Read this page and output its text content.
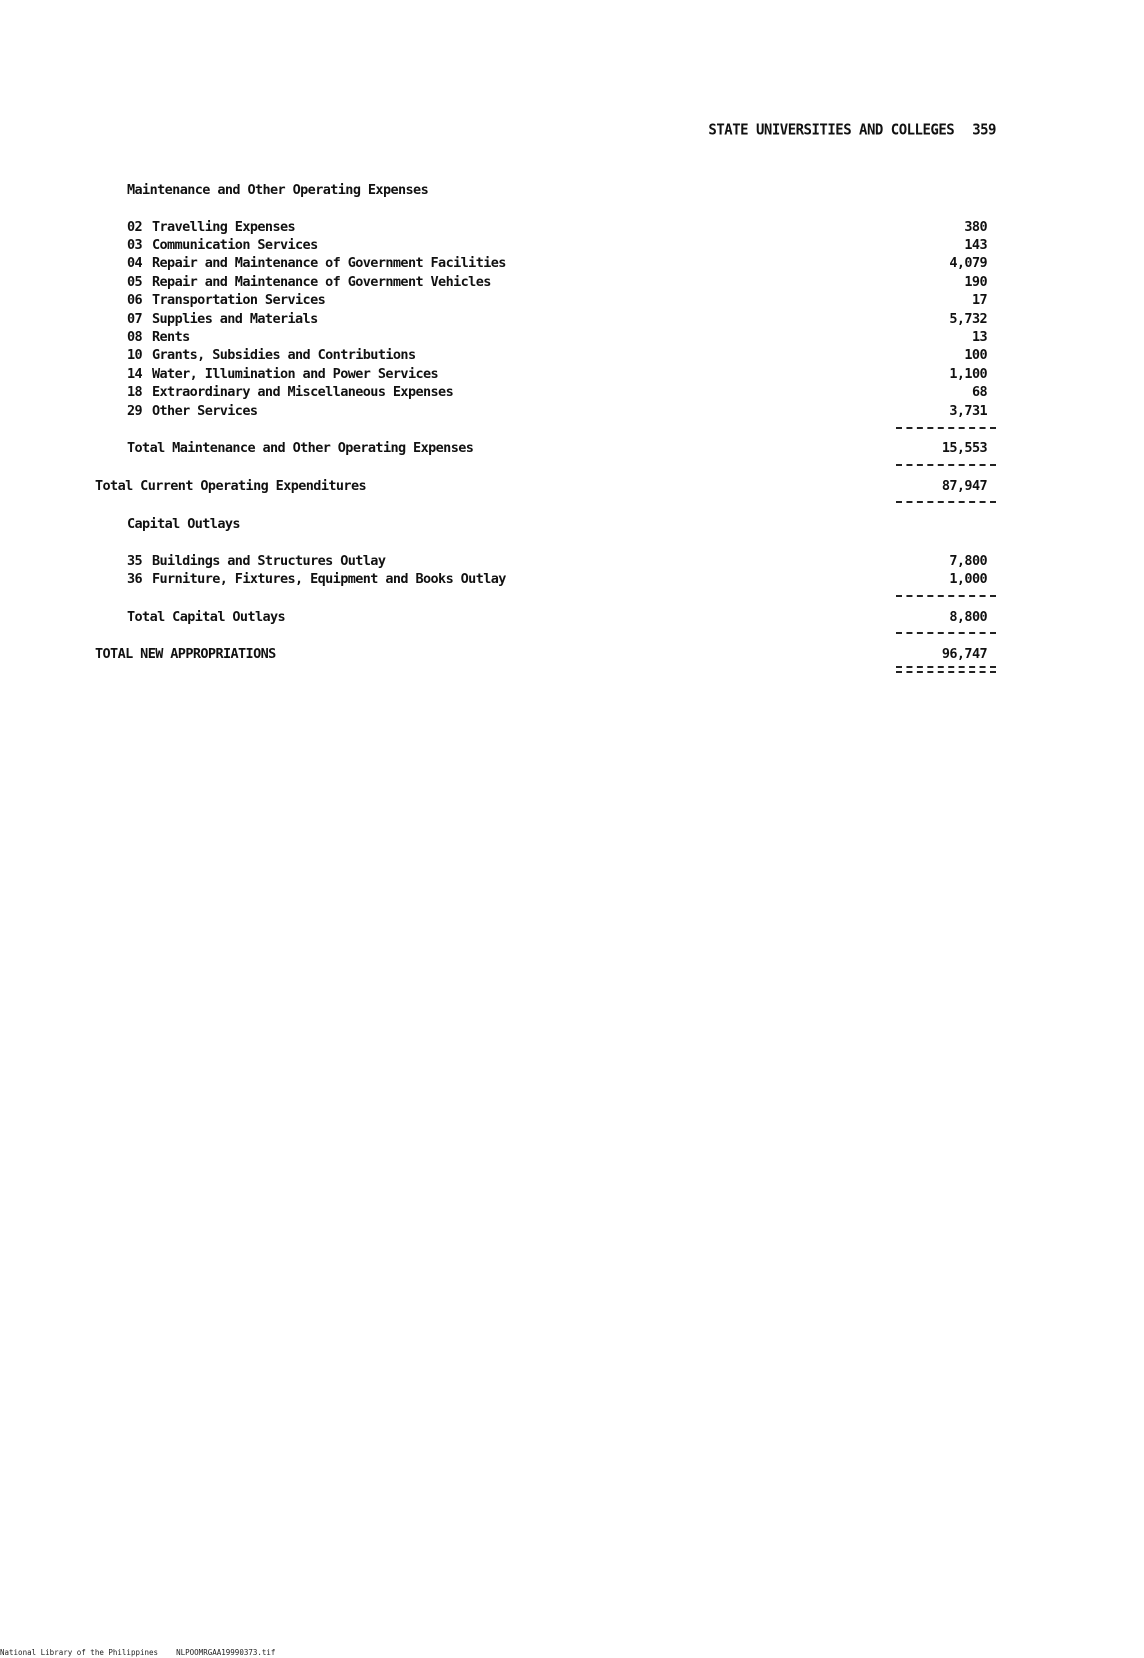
STATE UNIVERSITIES AND COLLEGES 359
Maintenance and Other Operating Expenses
02 Travelling Expenses	380
03 Communication Services	143
04 Repair and Maintenance of Government Facilities	4,079
05 Repair and Maintenance of Government Vehicles	190
06 Transportation Services	17
07 Supplies and Materials	5,732
08 Rents	13
10 Grants, Subsidies and Contributions	100
14 Water, Illumination and Power Services	1,100
18 Extraordinary and Miscellaneous Expenses	68
29 Other Services	3,731
Total Maintenance and Other Operating Expenses	15,553
Total Current Operating Expenditures	87,947
Capital Outlays
35 Buildings and Structures Outlay	7,800
36 Furniture, Fixtures, Equipment and Books Outlay	1,000
Total Capital Outlays	8,800
TOTAL NEW APPROPRIATIONS	96,747
National Library of the Philippines NLPOOMRGAA19990373.tif
